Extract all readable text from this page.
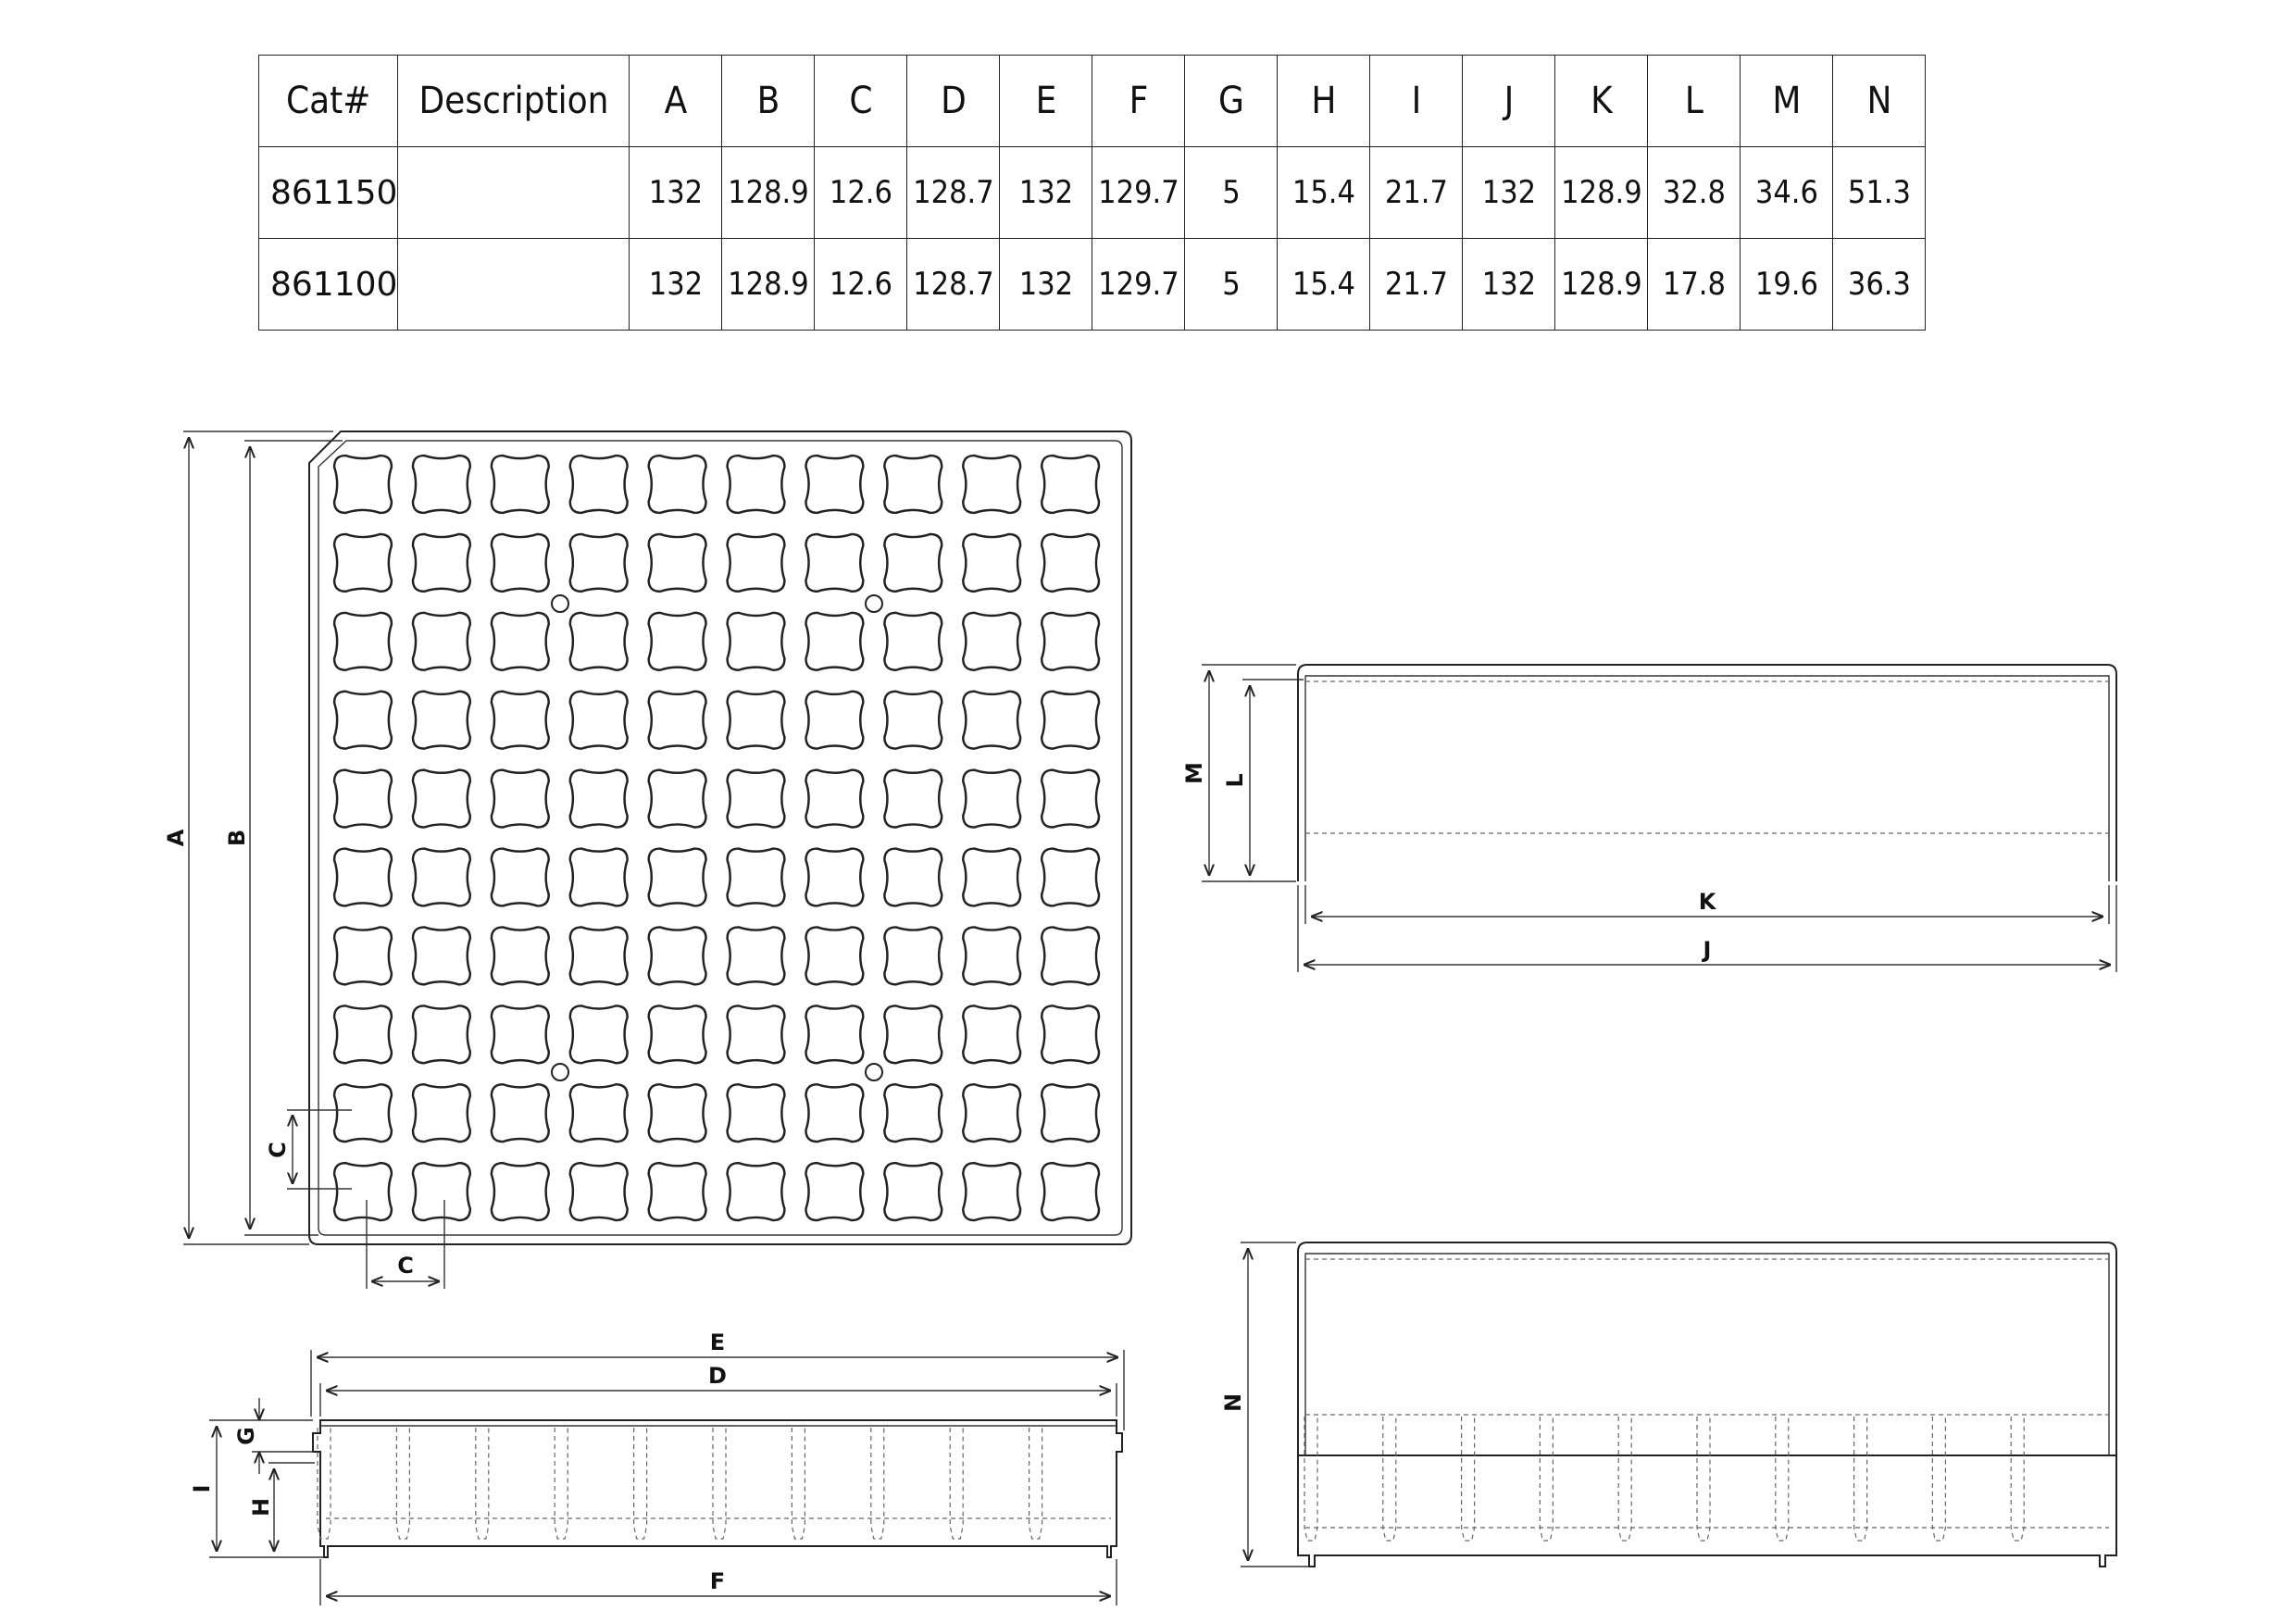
Cat#	Description	A	B	C	D	E	F	G	H	I	J	K	L	M	N
861150		132	128.9	12.6	128.7	132	129.7	5	15.4	21.7	132	128.9	32.8	34.6	51.3
861100		132	128.9	12.6	128.7	132	129.7	5	15.4	21.7	132	128.9	17.8	19.6	36.3
A B
C
C
E
D
F
G
H
I
M L
K
J
N
